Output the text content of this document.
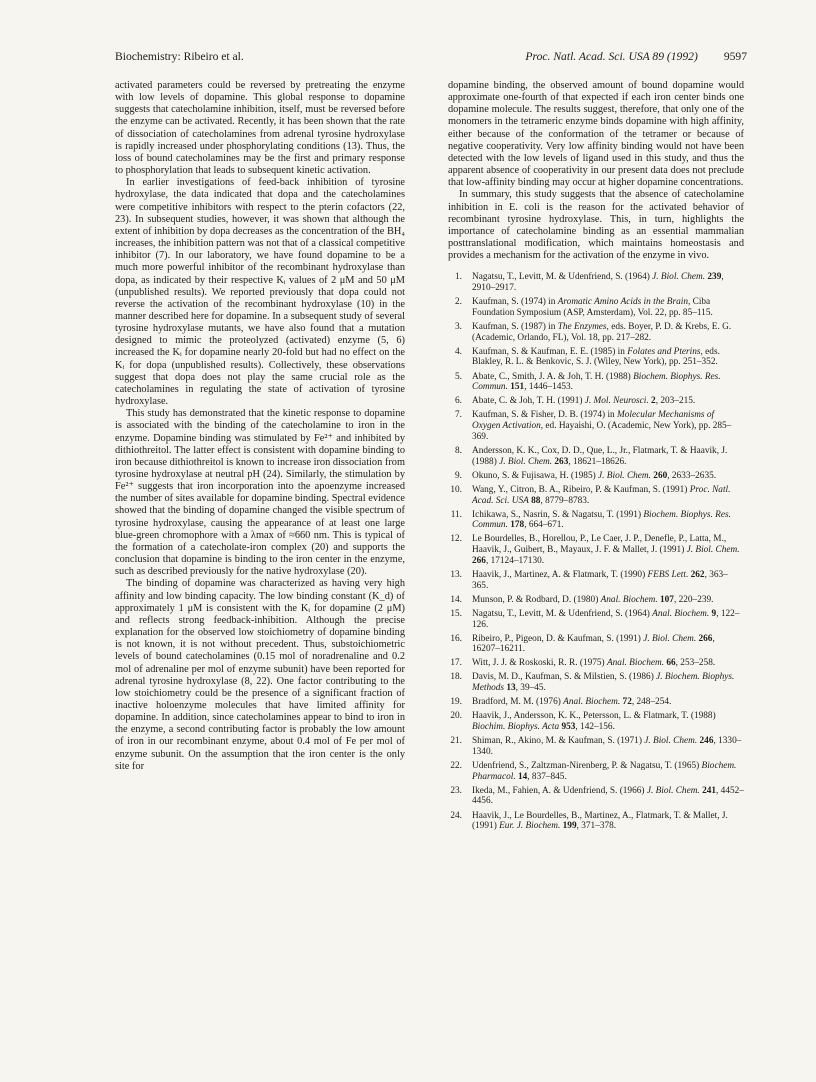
Biochemistry: Ribeiro et al.	Proc. Natl. Acad. Sci. USA 89 (1992) 9597

activated parameters could be reversed by pretreating the enzyme with low levels of dopamine. This global response to dopamine suggests that catecholamine inhibition, itself, must be reversed before the enzyme can be activated. Recently, it has been shown that the rate of dissociation of catecholamines from adrenal tyrosine hydroxylase is rapidly increased under phosphorylating conditions (13). Thus, the loss of bound catecholamines may be the first and primary response to phosphorylation that leads to subsequent kinetic activation.

In earlier investigations of feed-back inhibition of tyrosine hydroxylase, the data indicated that dopa and the catecholamines were competitive inhibitors with respect to the pterin cofactors (22, 23). In subsequent studies, however, it was shown that although the extent of inhibition by dopa decreases as the concentration of the BH₄ increases, the inhibition pattern was not that of a classical competitive inhibitor (7). In our laboratory, we have found dopamine to be a much more powerful inhibitor of the recombinant hydroxylase than dopa, as indicated by their respective Kᵢ values of 2 μM and 50 μM (unpublished results). We reported previously that dopa could not reverse the activation of the recombinant hydroxylase (10) in the manner described here for dopamine. In a subsequent study of several tyrosine hydroxylase mutants, we have also found that a mutation designed to mimic the proteolyzed (activated) enzyme (5, 6) increased the Kᵢ for dopamine nearly 20-fold but had no effect on the Kᵢ for dopa (unpublished results). Collectively, these observations suggest that dopa does not play the same crucial role as the catecholamines in regulating the state of activation of tyrosine hydroxylase.

This study has demonstrated that the kinetic response to dopamine is associated with the binding of the catecholamine to iron in the enzyme. Dopamine binding was stimulated by Fe²⁺ and inhibited by dithiothreitol. The latter effect is consistent with dopamine binding to iron because dithiothreitol is known to increase iron dissociation from tyrosine hydroxylase at neutral pH (24). Similarly, the stimulation by Fe²⁺ suggests that iron incorporation into the apoenzyme increased the number of sites available for dopamine binding. Spectral evidence showed that the binding of dopamine changed the visible spectrum of tyrosine hydroxylase, causing the appearance of at least one large blue-green chromophore with a λmax of ≈660 nm. This is typical of the formation of a catecholate-iron complex (20) and supports the conclusion that dopamine is binding to the iron center in the enzyme, such as described previously for the native hydroxylase (20).

The binding of dopamine was characterized as having very high affinity and low binding capacity. The low binding constant (K_d) of approximately 1 μM is consistent with the Kᵢ for dopamine (2 μM) and reflects strong feedback-inhibition. Although the precise explanation for the observed low stoichiometry of dopamine binding is not known, it is not without precedent. Thus, substoichiometric levels of bound catecholamines (0.15 mol of noradrenaline and 0.2 mol of adrenaline per mol of enzyme subunit) have been reported for adrenal tyrosine hydroxylase (8, 22). One factor contributing to the low stoichiometry could be the presence of a significant fraction of inactive holoenzyme molecules that have limited affinity for dopamine. In addition, since catecholamines appear to bind to iron in the enzyme, a second contributing factor is probably the low amount of iron in our recombinant enzyme, about 0.4 mol of Fe per mol of enzyme subunit. On the assumption that the iron center is the only site for

dopamine binding, the observed amount of bound dopamine would approximate one-fourth of that expected if each iron center binds one dopamine molecule. The results suggest, therefore, that only one of the monomers in the tetrameric enzyme binds dopamine with high affinity, either because of the conformation of the tetramer or because of negative cooperativity. Very low affinity binding would not have been detected with the low levels of ligand used in this study, and thus the apparent absence of cooperativity in our present data does not preclude that low-affinity binding may occur at higher dopamine concentrations.

In summary, this study suggests that the absence of catecholamine inhibition in E. coli is the reason for the activated behavior of recombinant tyrosine hydroxylase. This, in turn, highlights the importance of catecholamine binding as an essential mammalian posttranslational modification, which maintains homeostasis and provides a mechanism for the activation of the enzyme in vivo.

1. Nagatsu, T., Levitt, M. & Udenfriend, S. (1964) J. Biol. Chem. 239, 2910–2917.
2. Kaufman, S. (1974) in Aromatic Amino Acids in the Brain, Ciba Foundation Symposium (ASP, Amsterdam), Vol. 22, pp. 85–115.
3. Kaufman, S. (1987) in The Enzymes, eds. Boyer, P. D. & Krebs, E. G. (Academic, Orlando, FL), Vol. 18, pp. 217–282.
4. Kaufman, S. & Kaufman, E. E. (1985) in Folates and Pterins, eds. Blakley, R. L. & Benkovic, S. J. (Wiley, New York), pp. 251–352.
5. Abate, C., Smith, J. A. & Joh, T. H. (1988) Biochem. Biophys. Res. Commun. 151, 1446–1453.
6. Abate, C. & Joh, T. H. (1991) J. Mol. Neurosci. 2, 203–215.
7. Kaufman, S. & Fisher, D. B. (1974) in Molecular Mechanisms of Oxygen Activation, ed. Hayaishi, O. (Academic, New York), pp. 285–369.
8. Andersson, K. K., Cox, D. D., Que, L., Jr., Flatmark, T. & Haavik, J. (1988) J. Biol. Chem. 263, 18621–18626.
9. Okuno, S. & Fujisawa, H. (1985) J. Biol. Chem. 260, 2633–2635.
10. Wang, Y., Citron, B. A., Ribeiro, P. & Kaufman, S. (1991) Proc. Natl. Acad. Sci. USA 88, 8779–8783.
11. Ichikawa, S., Nasrin, S. & Nagatsu, T. (1991) Biochem. Biophys. Res. Commun. 178, 664–671.
12. Le Bourdelles, B., Horellou, P., Le Caer, J. P., Denefle, P., Latta, M., Haavik, J., Guibert, B., Mayaux, J. F. & Mallet, J. (1991) J. Biol. Chem. 266, 17124–17130.
13. Haavik, J., Martinez, A. & Flatmark, T. (1990) FEBS Lett. 262, 363–365.
14. Munson, P. & Rodbard, D. (1980) Anal. Biochem. 107, 220–239.
15. Nagatsu, T., Levitt, M. & Udenfriend, S. (1964) Anal. Biochem. 9, 122–126.
16. Ribeiro, P., Pigeon, D. & Kaufman, S. (1991) J. Biol. Chem. 266, 16207–16211.
17. Witt, J. J. & Roskoski, R. R. (1975) Anal. Biochem. 66, 253–258.
18. Davis, M. D., Kaufman, S. & Milstien, S. (1986) J. Biochem. Biophys. Methods 13, 39–45.
19. Bradford, M. M. (1976) Anal. Biochem. 72, 248–254.
20. Haavik, J., Andersson, K. K., Petersson, L. & Flatmark, T. (1988) Biochim. Biophys. Acta 953, 142–156.
21. Shiman, R., Akino, M. & Kaufman, S. (1971) J. Biol. Chem. 246, 1330–1340.
22. Udenfriend, S., Zaltzman-Nirenberg, P. & Nagatsu, T. (1965) Biochem. Pharmacol. 14, 837–845.
23. Ikeda, M., Fahien, A. & Udenfriend, S. (1966) J. Biol. Chem. 241, 4452–4456.
24. Haavik, J., Le Bourdelles, B., Martinez, A., Flatmark, T. & Mallet, J. (1991) Eur. J. Biochem. 199, 371–378.
